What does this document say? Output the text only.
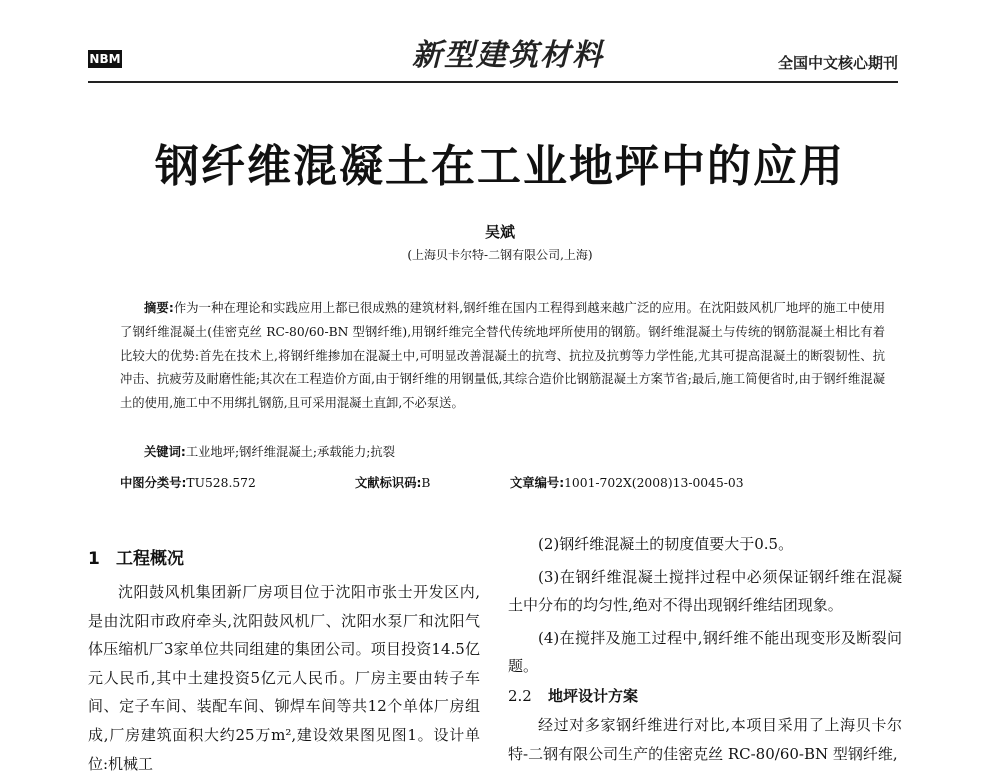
NBM	新型建筑材料	全国中文核心期刊
钢纤维混凝土在工业地坪中的应用
吴斌
(上海贝卡尔特-二钢有限公司,上海)
摘要:作为一种在理论和实践应用上都已很成熟的建筑材料,钢纤维在国内工程得到越来越广泛的应用。在沈阳鼓风机厂地坪的施工中使用了钢纤维混凝土(佳密克丝 RC-80/60-BN 型钢纤维),用钢纤维完全替代传统地坪所使用的钢筋。钢纤维混凝土与传统的钢筋混凝土相比有着比较大的优势:首先在技术上,将钢纤维掺加在混凝土中,可明显改善混凝土的抗弯、抗拉及抗剪等力学性能,尤其可提高混凝土的断裂韧性、抗冲击、抗疲劳及耐磨性能;其次在工程造价方面,由于钢纤维的用钢量低,其综合造价比钢筋混凝土方案节省;最后,施工简便省时,由于钢纤维混凝土的使用,施工中不用绑扎钢筋,且可采用混凝土直卸,不必泵送。
关键词:工业地坪;钢纤维混凝土;承载能力;抗裂
中图分类号:TU528.572	文献标识码:B	文章编号:1001-702X(2008)13-0045-03
1 工程概况

沈阳鼓风机集团新厂房项目位于沈阳市张士开发区内,是由沈阳市政府牵头,沈阳鼓风机厂、沈阳水泵厂和沈阳气体压缩机厂3家单位共同组建的集团公司。项目投资14.5亿元人民币,其中土建投资5亿元人民币。厂房主要由转子车间、定子车间、装配车间、铆焊车间等共12个单体厂房组成,厂房建筑面积大约25万m²,建设效果图见图1。设计单位:机械工

(2)钢纤维混凝土的韧度值要大于0.5。

(3)在钢纤维混凝土搅拌过程中必须保证钢纤维在混凝土中分布的均匀性,绝对不得出现钢纤维结团现象。

(4)在搅拌及施工过程中,钢纤维不能出现变形及断裂问题。

2.2 地坪设计方案

经过对多家钢纤维进行对比,本项目采用了上海贝卡尔特-二钢有限公司生产的佳密克丝 RC-80/60-BN 型钢纤维,
